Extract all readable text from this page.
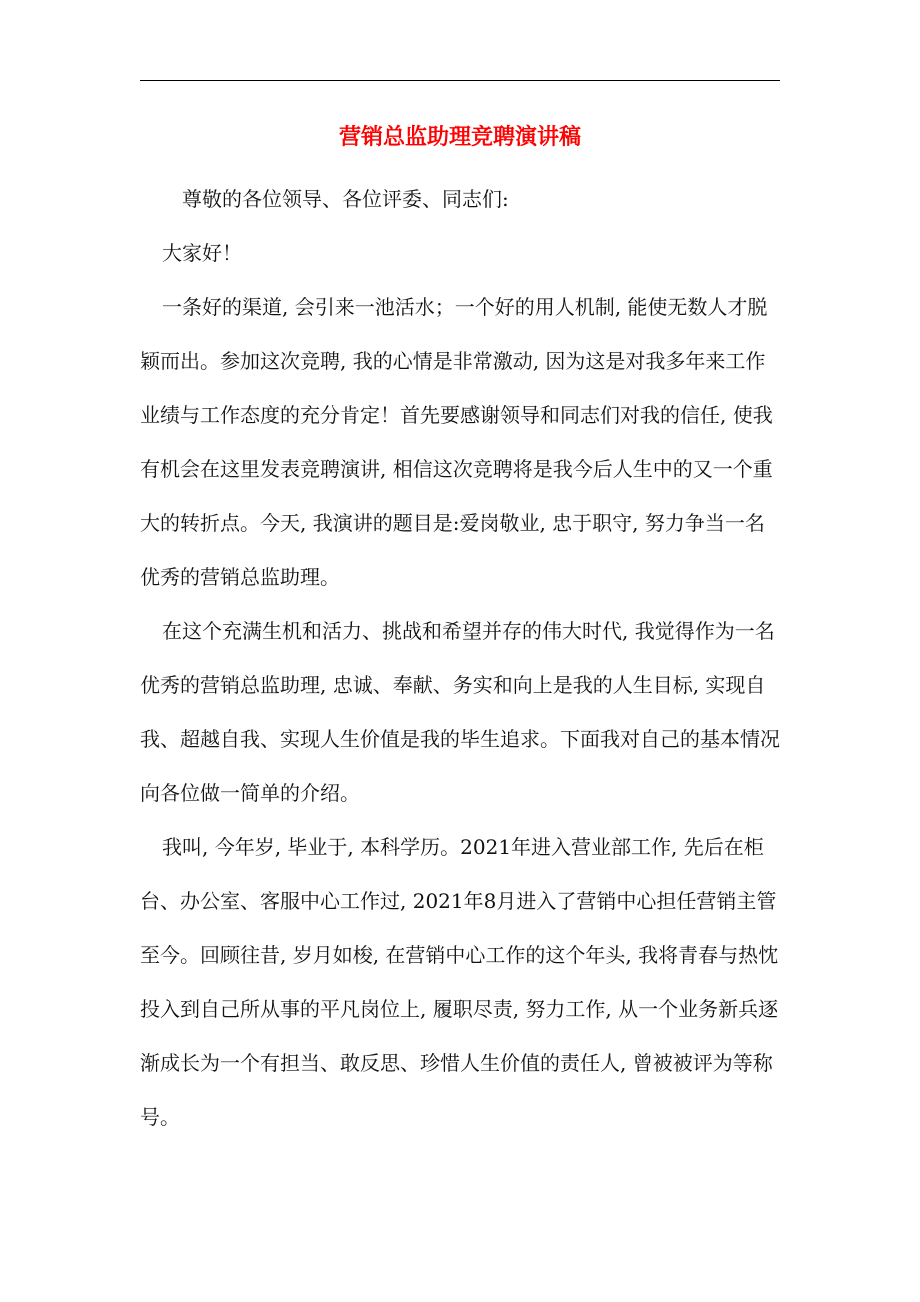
营销总监助理竞聘演讲稿

尊敬的各位领导、各位评委、同志们:

大家好！

一条好的渠道, 会引来一池活水；一个好的用人机制, 能使无数人才脱颖而出。参加这次竞聘, 我的心情是非常激动, 因为这是对我多年来工作业绩与工作态度的充分肯定！首先要感谢领导和同志们对我的信任, 使我有机会在这里发表竞聘演讲, 相信这次竞聘将是我今后人生中的又一个重大的转折点。今天, 我演讲的题目是:爱岗敬业, 忠于职守, 努力争当一名优秀的营销总监助理。

在这个充满生机和活力、挑战和希望并存的伟大时代, 我觉得作为一名优秀的营销总监助理, 忠诚、奉献、务实和向上是我的人生目标, 实现自我、超越自我、实现人生价值是我的毕生追求。下面我对自己的基本情况向各位做一简单的介绍。

我叫, 今年岁, 毕业于, 本科学历。2021年进入营业部工作, 先后在柜台、办公室、客服中心工作过, 2021年8月进入了营销中心担任营销主管至今。回顾往昔, 岁月如梭, 在营销中心工作的这个年头, 我将青春与热忱投入到自己所从事的平凡岗位上, 履职尽责, 努力工作, 从一个业务新兵逐渐成长为一个有担当、敢反思、珍惜人生价值的责任人, 曾被被评为等称号。
